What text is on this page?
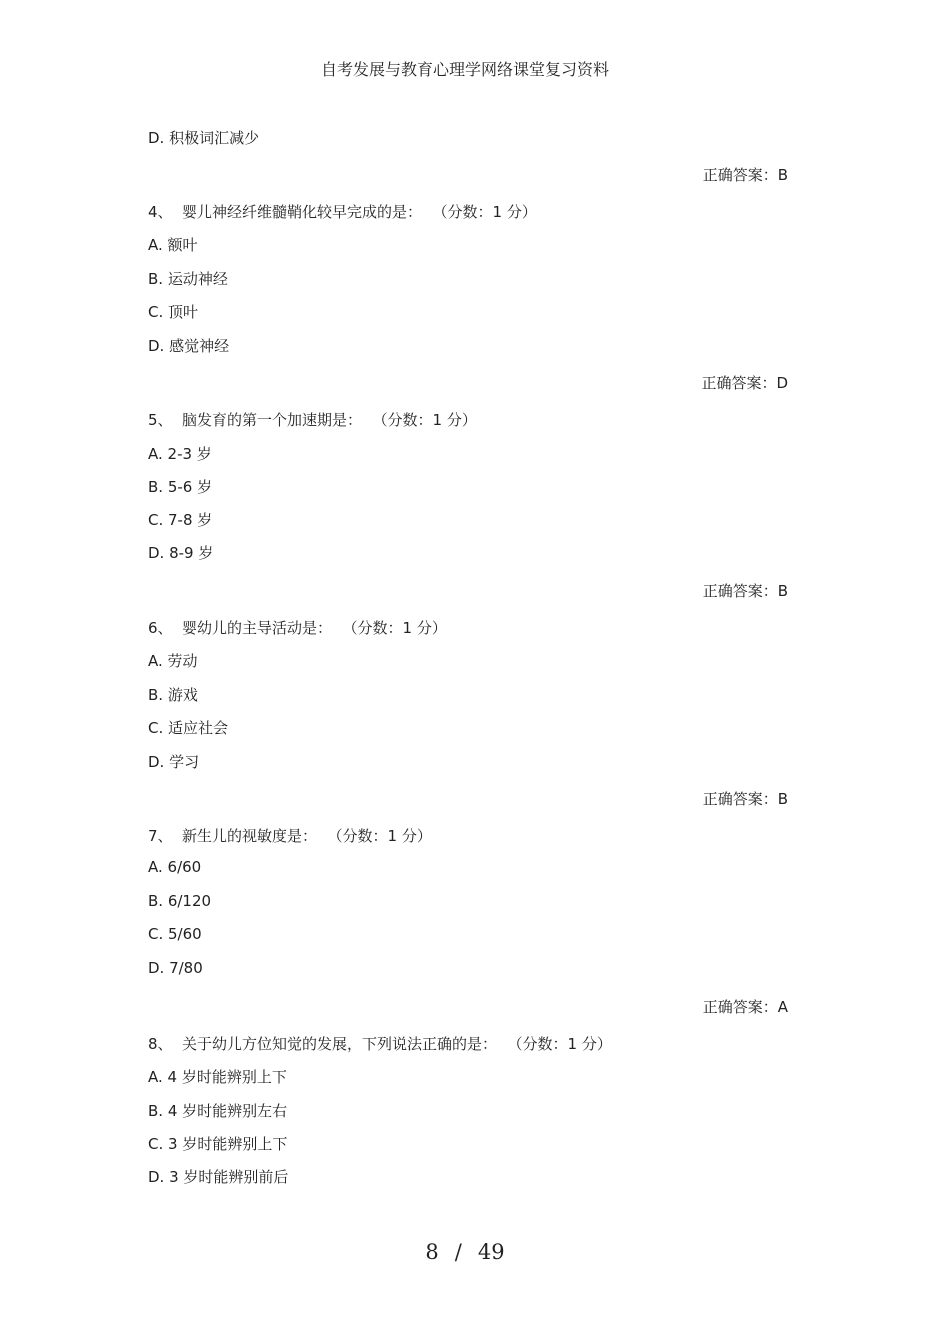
自考发展与教育心理学网络课堂复习资料
D. 积极词汇减少
正确答案：B
4、 婴儿神经纤维髓鞘化较早完成的是： （分数：1 分）
A. 额叶
B. 运动神经
C. 顶叶
D. 感觉神经
正确答案：D
5、 脑发育的第一个加速期是： （分数：1 分）
A. 2-3 岁
B. 5-6 岁
C. 7-8 岁
D. 8-9 岁
正确答案：B
6、 婴幼儿的主导活动是： （分数：1 分）
A. 劳动
B. 游戏
C. 适应社会
D. 学习
正确答案：B
7、 新生儿的视敏度是： （分数：1 分）
A. 6/60
B. 6/120
C. 5/60
D. 7/80
正确答案：A
8、 关于幼儿方位知觉的发展，下列说法正确的是： （分数：1 分）
A. 4 岁时能辨别上下
B. 4 岁时能辨别左右
C. 3 岁时能辨别上下
D. 3 岁时能辨别前后
8 / 49
